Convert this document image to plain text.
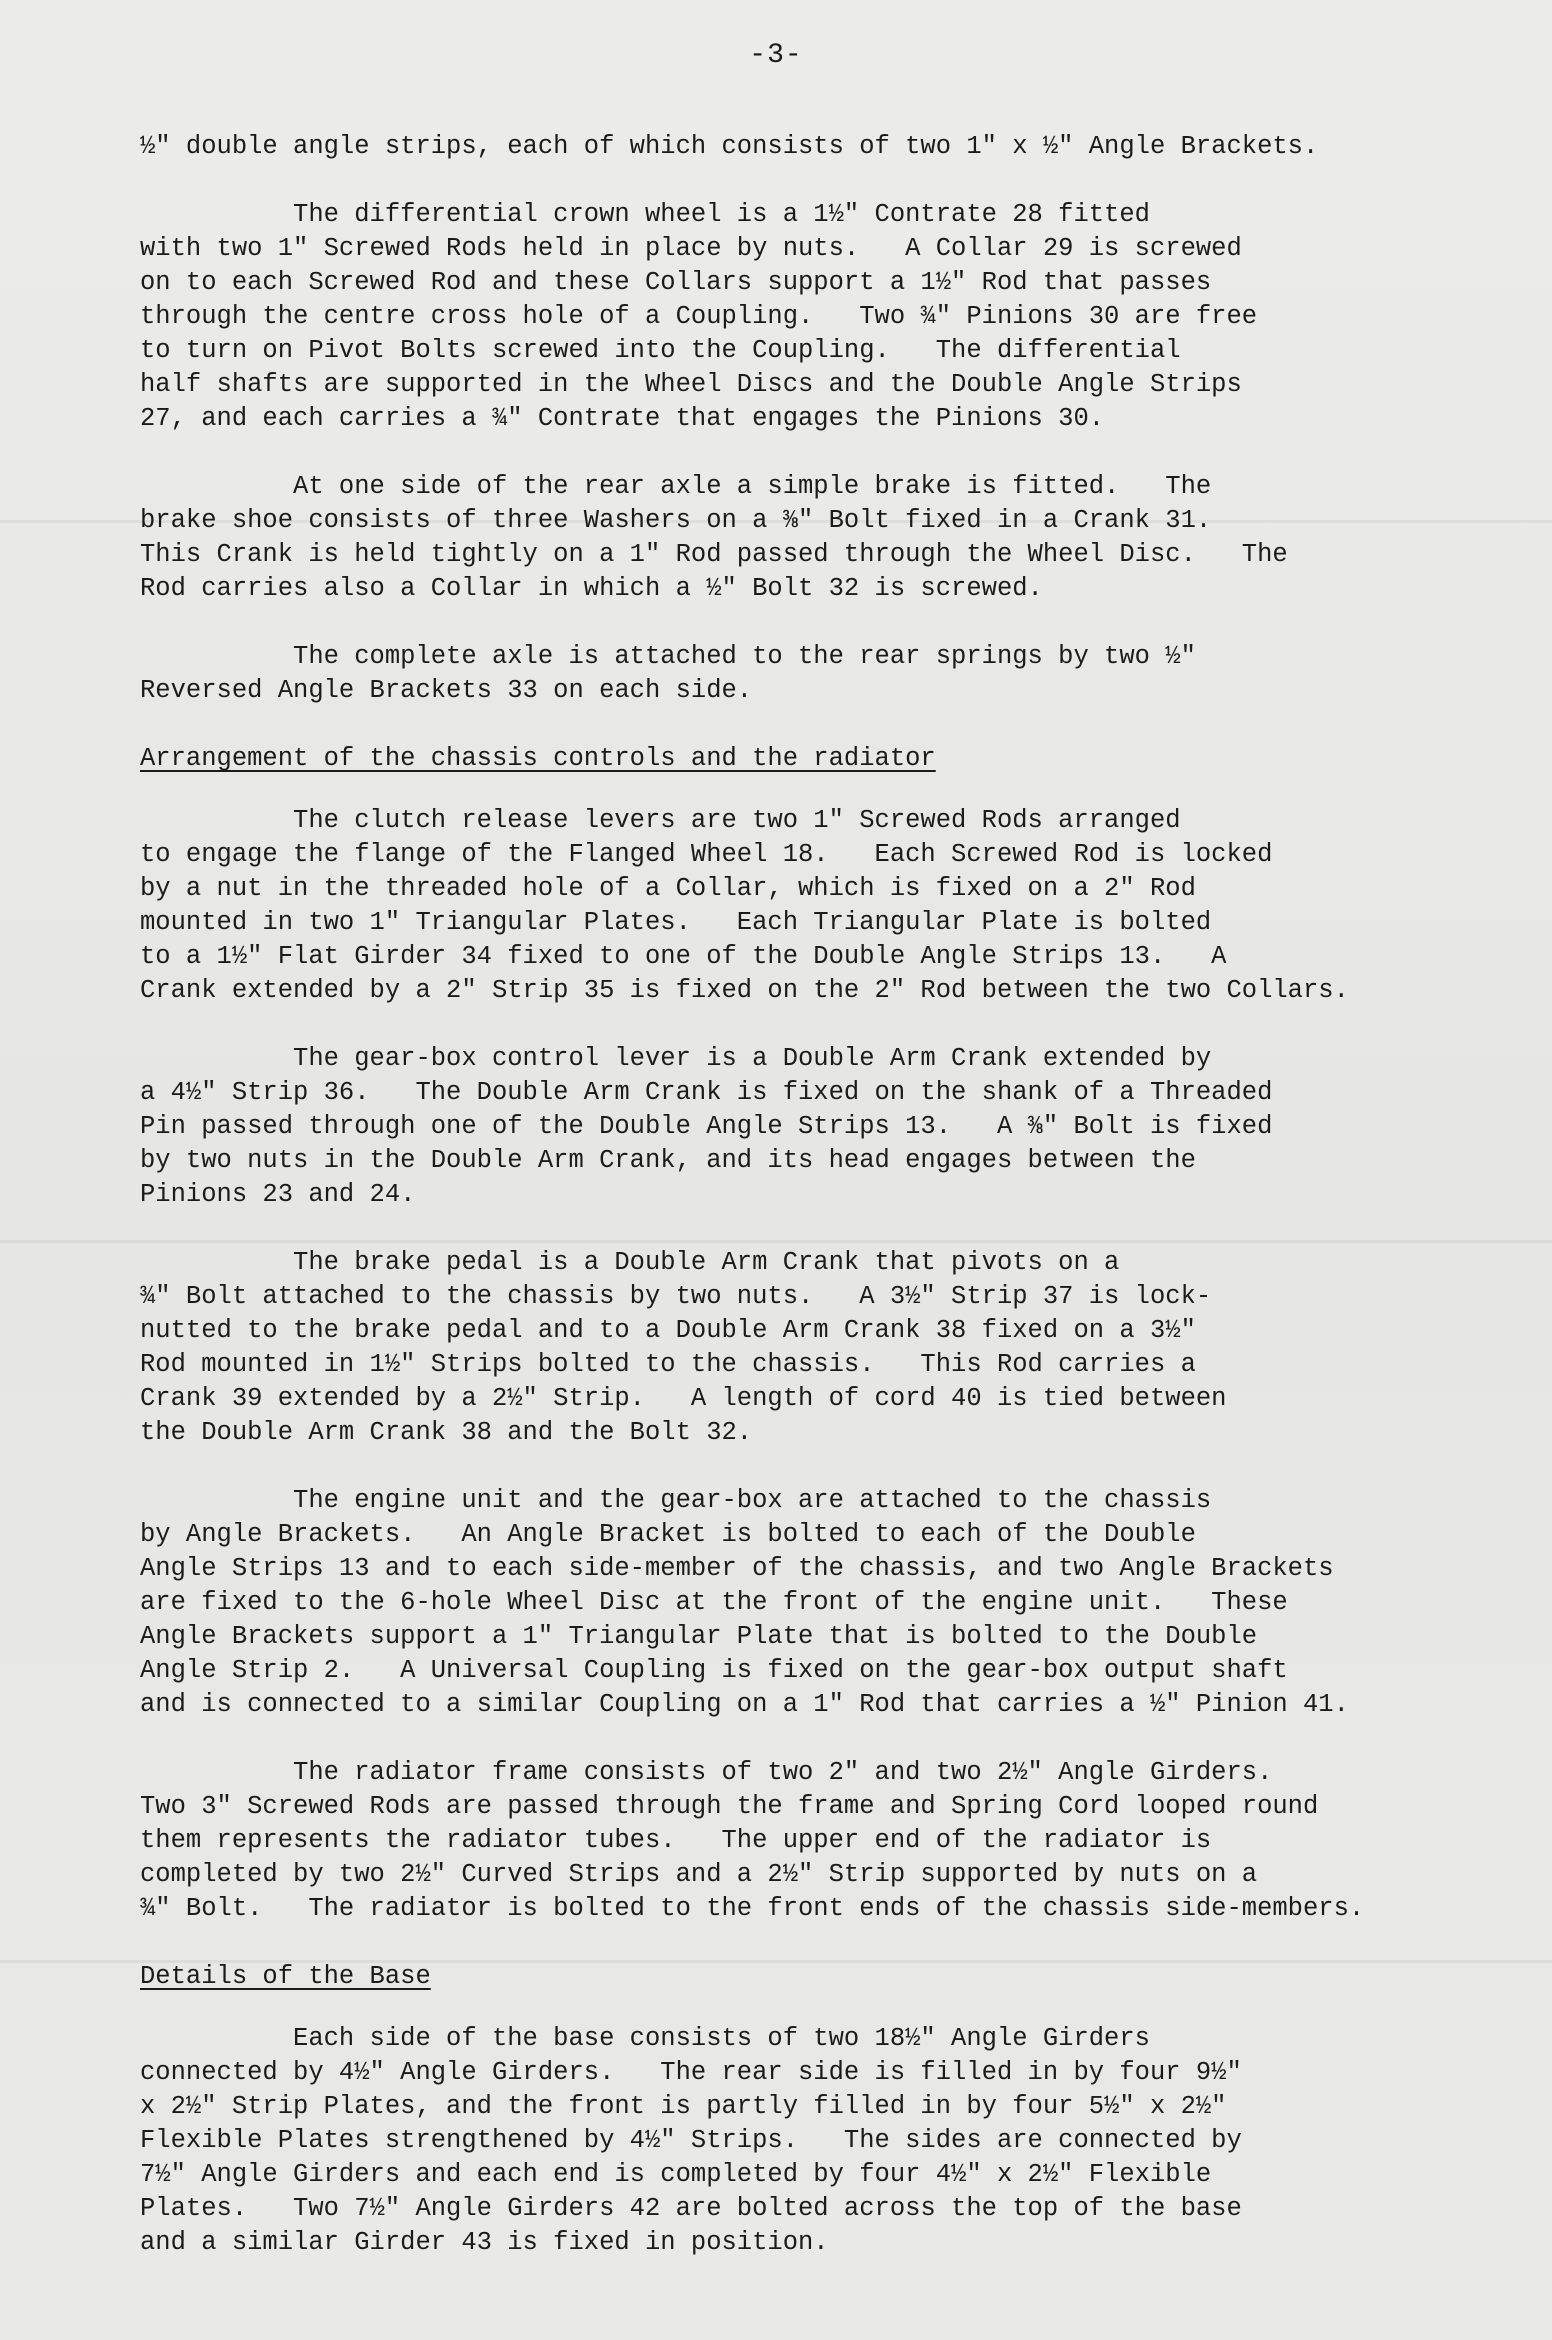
-3-
½" double angle strips, each of which consists of two 1" x ½" Angle Brackets.
The differential crown wheel is a 1½" Contrate 28 fitted
with two 1" Screwed Rods held in place by nuts.   A Collar 29 is screwed
on to each Screwed Rod and these Collars support a 1½" Rod that passes
through the centre cross hole of a Coupling.   Two ¾" Pinions 30 are free
to turn on Pivot Bolts screwed into the Coupling.   The differential
half shafts are supported in the Wheel Discs and the Double Angle Strips
27, and each carries a ¾" Contrate that engages the Pinions 30.
At one side of the rear axle a simple brake is fitted.   The
brake shoe consists of three Washers on a ⅜" Bolt fixed in a Crank 31.
This Crank is held tightly on a 1" Rod passed through the Wheel Disc.   The
Rod carries also a Collar in which a ½" Bolt 32 is screwed.
The complete axle is attached to the rear springs by two ½"
Reversed Angle Brackets 33 on each side.
Arrangement of the chassis controls and the radiator
The clutch release levers are two 1" Screwed Rods arranged
to engage the flange of the Flanged Wheel 18.   Each Screwed Rod is locked
by a nut in the threaded hole of a Collar, which is fixed on a 2" Rod
mounted in two 1" Triangular Plates.   Each Triangular Plate is bolted
to a 1½" Flat Girder 34 fixed to one of the Double Angle Strips 13.   A
Crank extended by a 2" Strip 35 is fixed on the 2" Rod between the two Collars.
The gear-box control lever is a Double Arm Crank extended by
a 4½" Strip 36.   The Double Arm Crank is fixed on the shank of a Threaded
Pin passed through one of the Double Angle Strips 13.   A ⅜" Bolt is fixed
by two nuts in the Double Arm Crank, and its head engages between the
Pinions 23 and 24.
The brake pedal is a Double Arm Crank that pivots on a
¾" Bolt attached to the chassis by two nuts.   A 3½" Strip 37 is lock-
nutted to the brake pedal and to a Double Arm Crank 38 fixed on a 3½"
Rod mounted in 1½" Strips bolted to the chassis.   This Rod carries a
Crank 39 extended by a 2½" Strip.   A length of cord 40 is tied between
the Double Arm Crank 38 and the Bolt 32.
The engine unit and the gear-box are attached to the chassis
by Angle Brackets.   An Angle Bracket is bolted to each of the Double
Angle Strips 13 and to each side-member of the chassis, and two Angle Brackets
are fixed to the 6-hole Wheel Disc at the front of the engine unit.   These
Angle Brackets support a 1" Triangular Plate that is bolted to the Double
Angle Strip 2.   A Universal Coupling is fixed on the gear-box output shaft
and is connected to a similar Coupling on a 1" Rod that carries a ½" Pinion 41.
The radiator frame consists of two 2" and two 2½" Angle Girders.
Two 3" Screwed Rods are passed through the frame and Spring Cord looped round
them represents the radiator tubes.   The upper end of the radiator is
completed by two 2½" Curved Strips and a 2½" Strip supported by nuts on a
¾" Bolt.   The radiator is bolted to the front ends of the chassis side-members.
Details of the Base
Each side of the base consists of two 18½" Angle Girders
connected by 4½" Angle Girders.   The rear side is filled in by four 9½"
x 2½" Strip Plates, and the front is partly filled in by four 5½" x 2½"
Flexible Plates strengthened by 4½" Strips.   The sides are connected by
7½" Angle Girders and each end is completed by four 4½" x 2½" Flexible
Plates.   Two 7½" Angle Girders 42 are bolted across the top of the base
and a similar Girder 43 is fixed in position.
